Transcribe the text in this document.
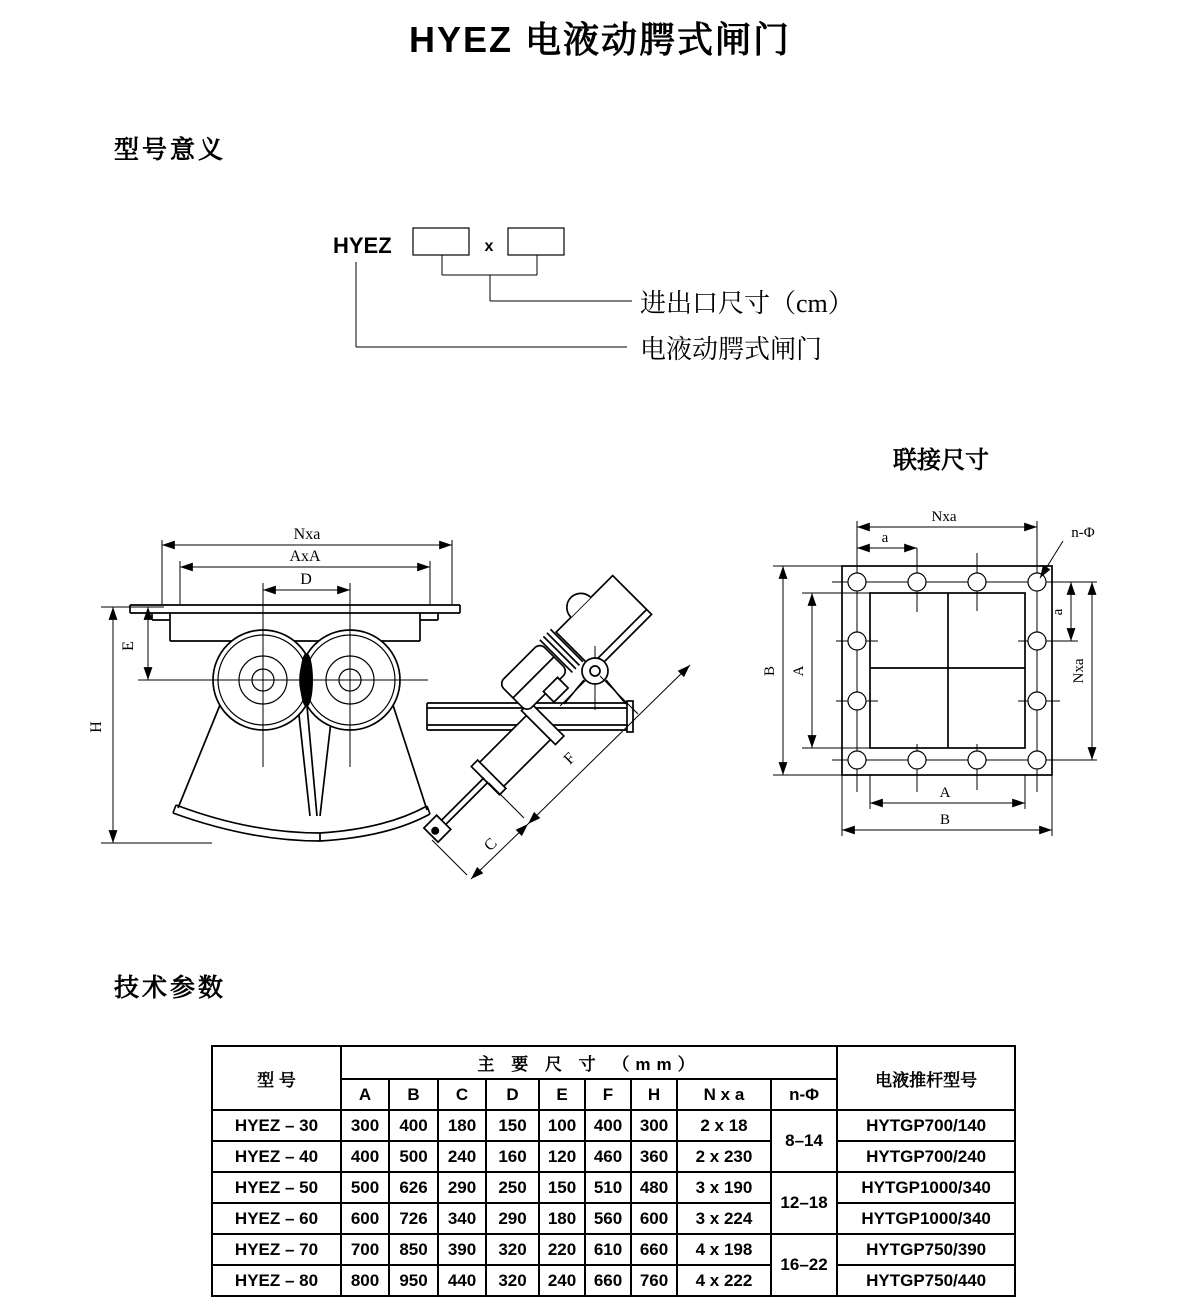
HYEZ 电液动腭式闸门
型号意义
技术参数
HYEZ	x
进出口尺寸（cm）
电液动腭式闸门
Nxa
AxA
D
E
H
F
C
联接尺寸
Nxa
a	n-Φ
a
Nxa
B A
A
B
型 号	主 要 尺 寸 （mm）									电液推杆型号
	A	B	C	D	E	F	H	N x a	n-Φ	
HYEZ – 30	300	400	180	150	100	400	300	2 x 18	8–14	HYTGP700/140
HYEZ – 40	400	500	240	160	120	460	360	2 x 230		HYTGP700/240
HYEZ – 50	500	626	290	250	150	510	480	3 x 190	12–18	HYTGP1000/340
HYEZ – 60	600	726	340	290	180	560	600	3 x 224		HYTGP1000/340
HYEZ – 70	700	850	390	320	220	610	660	4 x 198	16–22	HYTGP750/390
HYEZ – 80	800	950	440	320	240	660	760	4 x 222		HYTGP750/440
